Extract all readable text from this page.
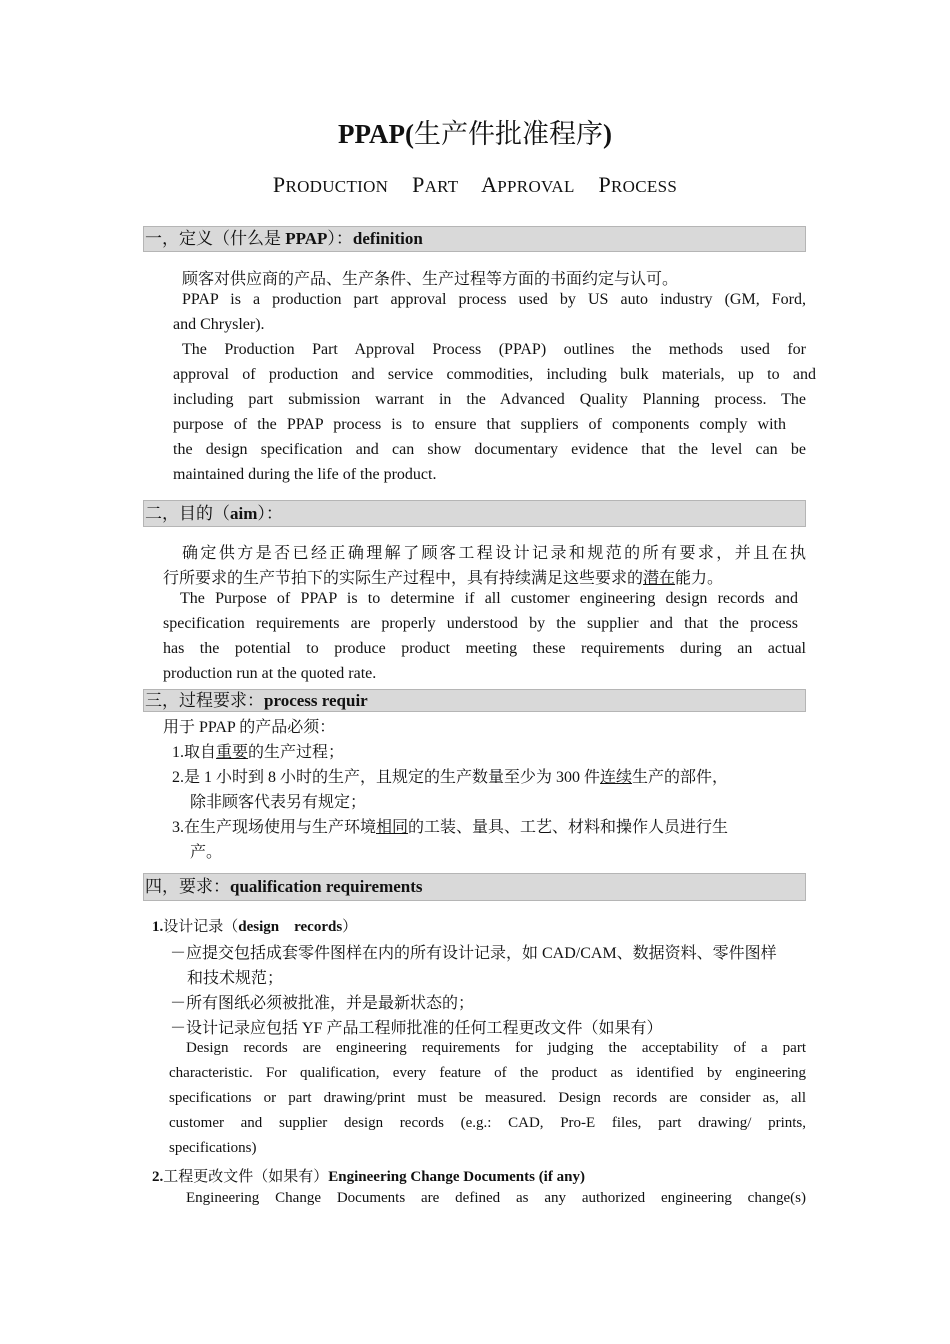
PPAP(生产件批准程序)
PRODUCTION PART APPROVAL PROCESS
一，定义（什么是 PPAP）：definition
顾客对供应商的产品、生产条件、生产过程等方面的书面约定与认可。
PPAP is a production part approval process used by US auto industry (GM, Ford,
and Chrysler).
The Production Part Approval Process (PPAP) outlines the methods used for
approval of production and service commodities, including bulk materials, up to and
including part submission warrant in the Advanced Quality Planning process. The
purpose of the PPAP process is to ensure that suppliers of components comply with
the design specification and can show documentary evidence that the level can be
maintained during the life of the product.
二，目的（aim）：
确定供方是否已经正确理解了顾客工程设计记录和规范的所有要求，并且在执
行所要求的生产节拍下的实际生产过程中，具有持续满足这些要求的潜在能力。
The Purpose of PPAP is to determine if all customer engineering design records and
specification requirements are properly understood by the supplier and that the process
has the potential to produce product meeting these requirements during an actual
production run at the quoted rate.
三，过程要求：process requir
用于 PPAP 的产品必须：
1.取自重要的生产过程；
2.是 1 小时到 8 小时的生产，且规定的生产数量至少为 300 件连续生产的部件，
除非顾客代表另有规定；
3.在生产现场使用与生产环境相同的工装、量具、工艺、材料和操作人员进行生
产。
四，要求：qualification requirements
1.设计记录（design    records）
－应提交包括成套零件图样在内的所有设计记录，如 CAD/CAM、数据资料、零件图样
和技术规范；
－所有图纸必须被批准，并是最新状态的；
－设计记录应包括 YF 产品工程师批准的任何工程更改文件（如果有）
Design records are engineering requirements for judging the acceptability of a part
characteristic. For qualification, every feature of the product as identified by engineering
specifications or part drawing/print must be measured. Design records are consider as, all
customer and supplier design records (e.g.: CAD, Pro-E files, part drawing/ prints,
specifications)
2.工程更改文件（如果有）Engineering Change Documents (if any)
Engineering Change Documents are defined as any authorized engineering change(s)
